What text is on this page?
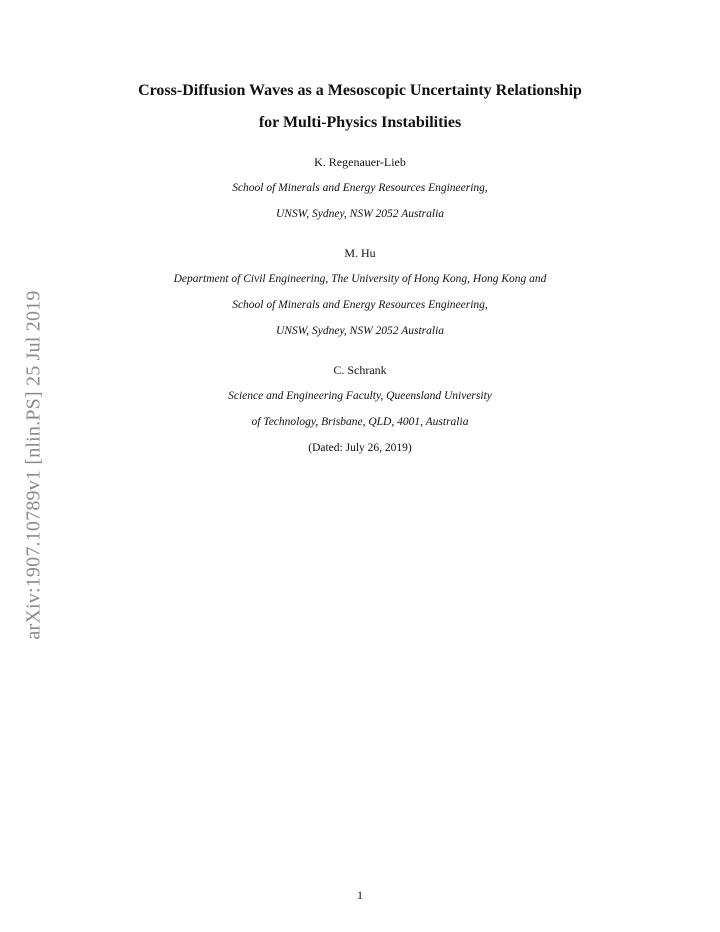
arXiv:1907.10789v1 [nlin.PS] 25 Jul 2019
Cross-Diffusion Waves as a Mesoscopic Uncertainty Relationship
for Multi-Physics Instabilities
K. Regenauer-Lieb
School of Minerals and Energy Resources Engineering,
UNSW, Sydney, NSW 2052 Australia
M. Hu
Department of Civil Engineering, The University of Hong Kong, Hong Kong and
School of Minerals and Energy Resources Engineering,
UNSW, Sydney, NSW 2052 Australia
C. Schrank
Science and Engineering Faculty, Queensland University
of Technology, Brisbane, QLD, 4001, Australia
(Dated: July 26, 2019)
1
